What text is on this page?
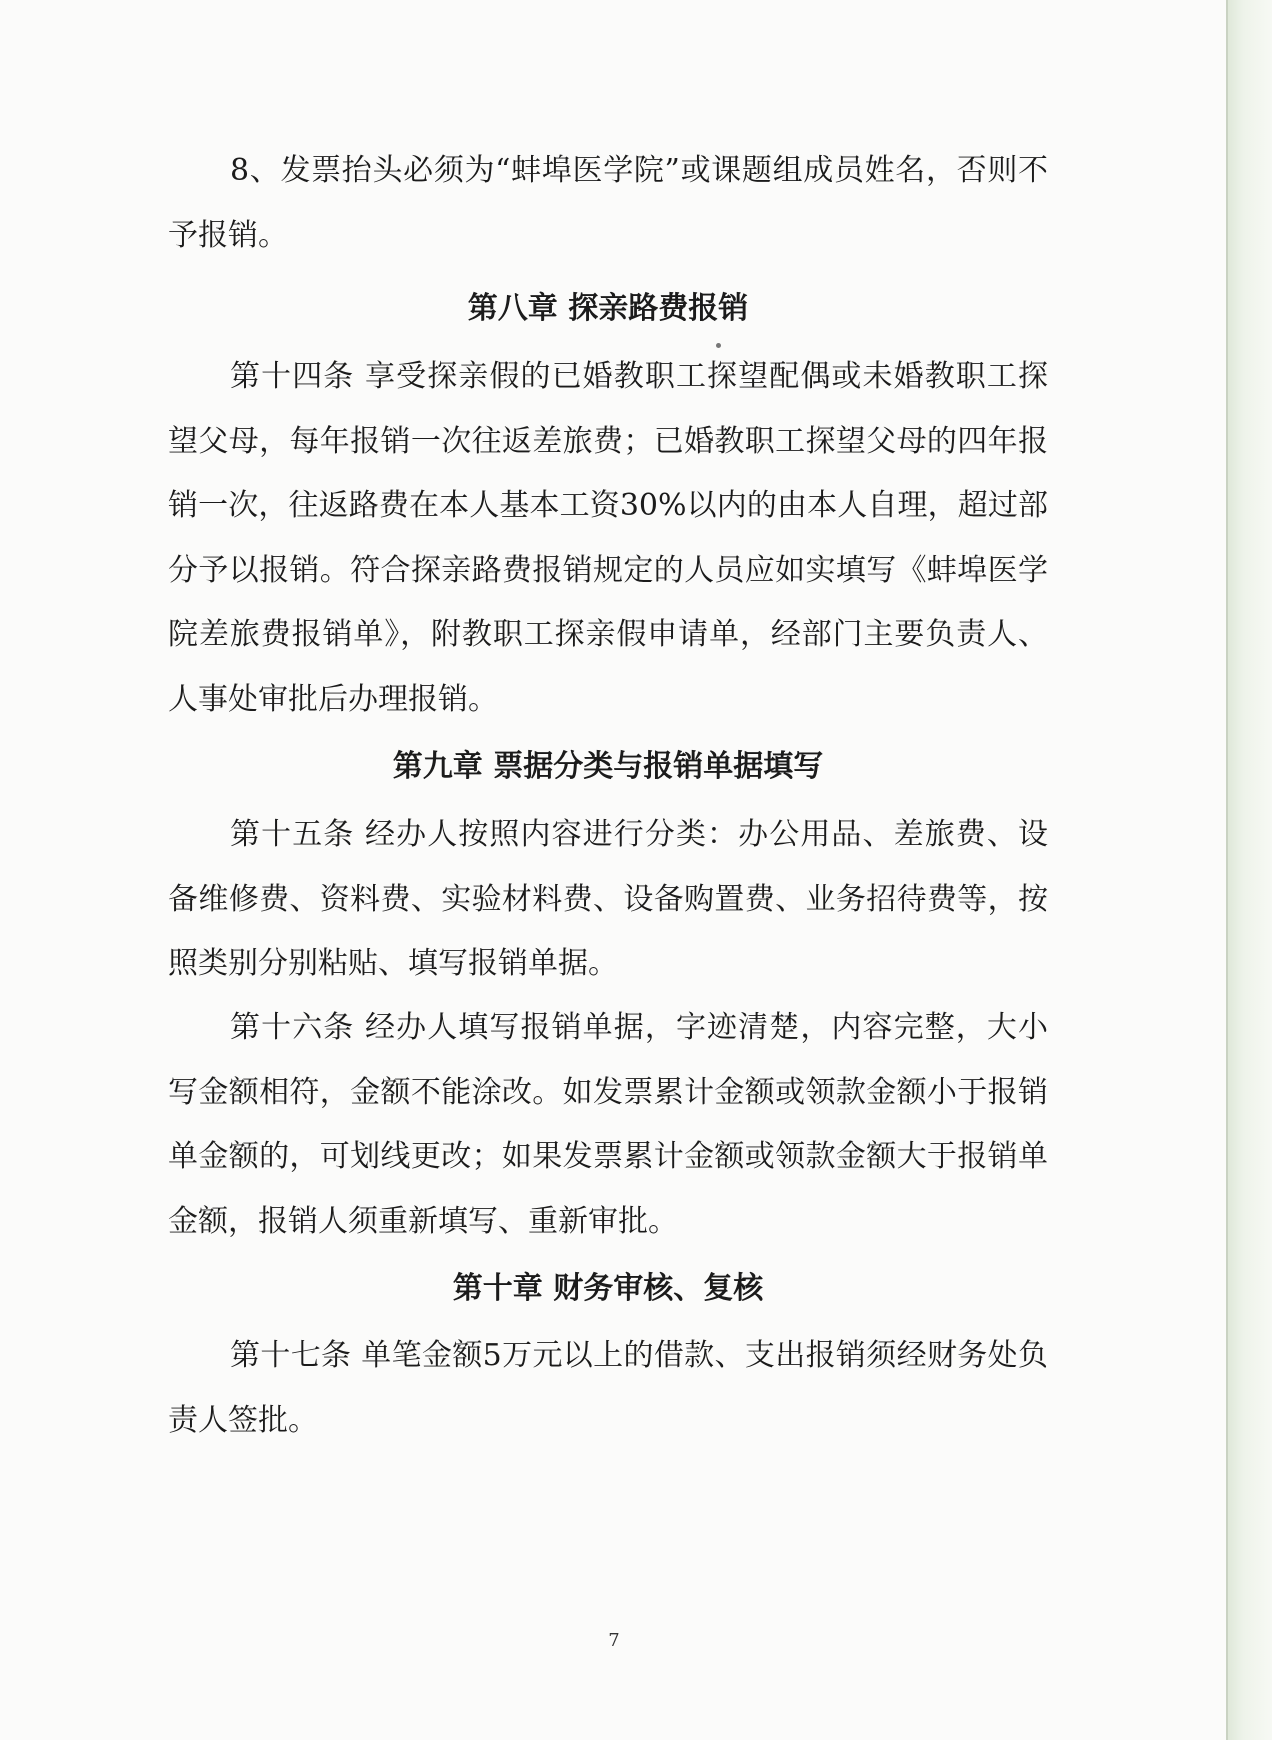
8、发票抬头必须为“蚌埠医学院”或课题组成员姓名，否则不予报销。
第八章 探亲路费报销
第十四条 享受探亲假的已婚教职工探望配偶或未婚教职工探望父母，每年报销一次往返差旅费；已婚教职工探望父母的四年报销一次，往返路费在本人基本工资30%以内的由本人自理，超过部分予以报销。符合探亲路费报销规定的人员应如实填写《蚌埠医学院差旅费报销单》，附教职工探亲假申请单，经部门主要负责人、人事处审批后办理报销。
第九章 票据分类与报销单据填写
第十五条 经办人按照内容进行分类：办公用品、差旅费、设备维修费、资料费、实验材料费、设备购置费、业务招待费等，按照类别分别粘贴、填写报销单据。
第十六条 经办人填写报销单据，字迹清楚，内容完整，大小写金额相符，金额不能涂改。如发票累计金额或领款金额小于报销单金额的，可划线更改；如果发票累计金额或领款金额大于报销单金额，报销人须重新填写、重新审批。
第十章 财务审核、复核
第十七条 单笔金额5万元以上的借款、支出报销须经财务处负责人签批。
7
